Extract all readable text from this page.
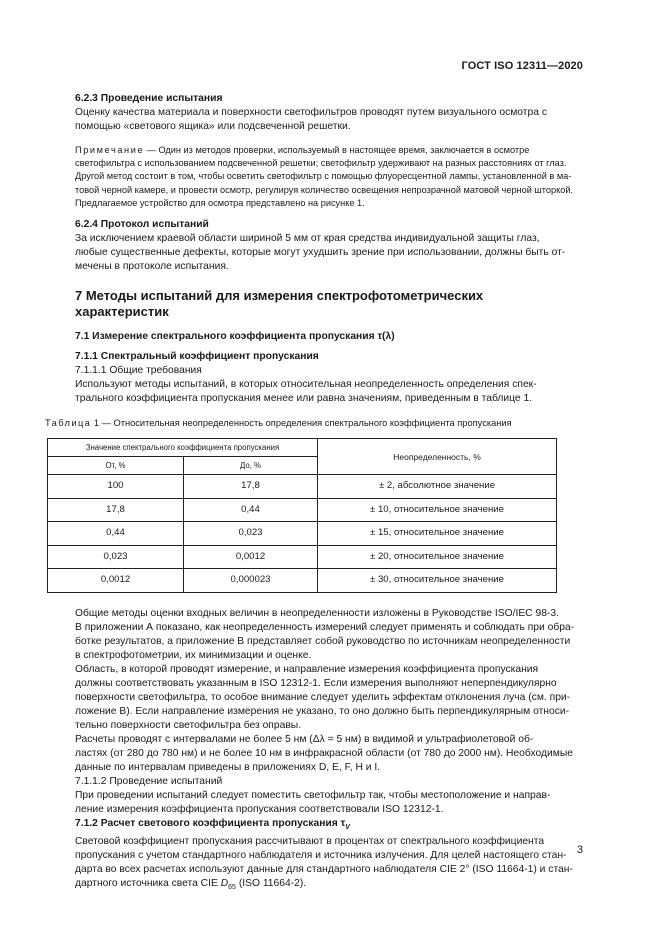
ГОСТ ISO 12311—2020

6.2.3 Проведение испытания

Оценку качества материала и поверхности светофильтров проводят путем визуального осмотра с

помощью «светового ящика» или подсвеченной решетки.

Примечание — Один из методов проверки, используемый в настоящее время, заключается в осмотре
светофильтра с использованием подсвеченной решетки; светофильтр удерживают на разных расстояниях от глаз.
Другой метод состоит в том, чтобы осветить светофильтр с помощью флуоресцентной лампы, установленной в ма-
товой черной камере, и провести осмотр, регулируя количество освещения непрозрачной матовой черной шторкой.
Предлагаемое устройство для осмотра представлено на рисунке 1.

6.2.4 Протокол испытаний

За исключением краевой области шириной 5 мм от края средства индивидуальной защиты глаз,

любые существенные дефекты, которые могут ухудшить зрение при использовании, должны быть от-

мечены в протоколе испытания.

7 Методы испытаний для измерения спектрофотометрических

характеристик

7.1 Измерение спектрального коэффициента пропускания τ(λ)

7.1.1 Спектральный коэффициент пропускания

7.1.1.1 Общие требования

Используют методы испытаний, в которых относительная неопределенность определения спек-

трального коэффициента пропускания менее или равна значениям, приведенным в таблице 1.

Таблица 1 — Относительная неопределенность определения спектрального коэффициента пропускания

Значение спектрального коэффициента пропускания		Неопределенность, %
От, %	До, %	
100	17,8	± 2, абсолютное значение
17,8	0,44	± 10, относительное значение
0,44	0,023	± 15, относительное значение
0,023	0,0012	± 20, относительное значение
0,0012	0,000023	± 30, относительное значение

Общие методы оценки входных величин в неопределенности изложены в Руководстве ISO/IEC 98-3.

В приложении А показано, как неопределенность измерений следует применять и соблюдать при обра-

ботке результатов, а приложение В представляет собой руководство по источникам неопределенности

в спектрофотометрии, их минимизации и оценке.

Область, в которой проводят измерение, и направление измерения коэффициента пропускания

должны соответствовать указанным в ISO 12312-1. Если измерения выполняют неперпендикулярно

поверхности светофильтра, то особое внимание следует уделить эффектам отклонения луча (см. при-

ложение В). Если направление измерения не указано, то оно должно быть перпендикулярным относи-

тельно поверхности светофильтра без оправы.

Расчеты проводят с интервалами не более 5 нм (Δλ = 5 нм) в видимой и ультрафиолетовой об-

ластях (от 280 до 780 нм) и не более 10 нм в инфракрасной области (от 780 до 2000 нм). Необходимые

данные по интервалам приведены в приложениях D, E, F, H и I.

7.1.1.2 Проведение испытаний

При проведении испытаний следует поместить светофильтр так, чтобы местоположение и направ-

ление измерения коэффициента пропускания соответствовали ISO 12312-1.

7.1.2 Расчет светового коэффициента пропускания $\tau_V$

Световой коэффициент пропускания рассчитывают в процентах от спектрального коэффициента

пропускания с учетом стандартного наблюдателя и источника излучения. Для целей настоящего стан-

дарта во всех расчетах используют данные для стандартного наблюдателя CIE 2° (ISO 11664-1) и стан-

дартного источника света CIE $D_{65}$ (ISO 11664-2).

3
